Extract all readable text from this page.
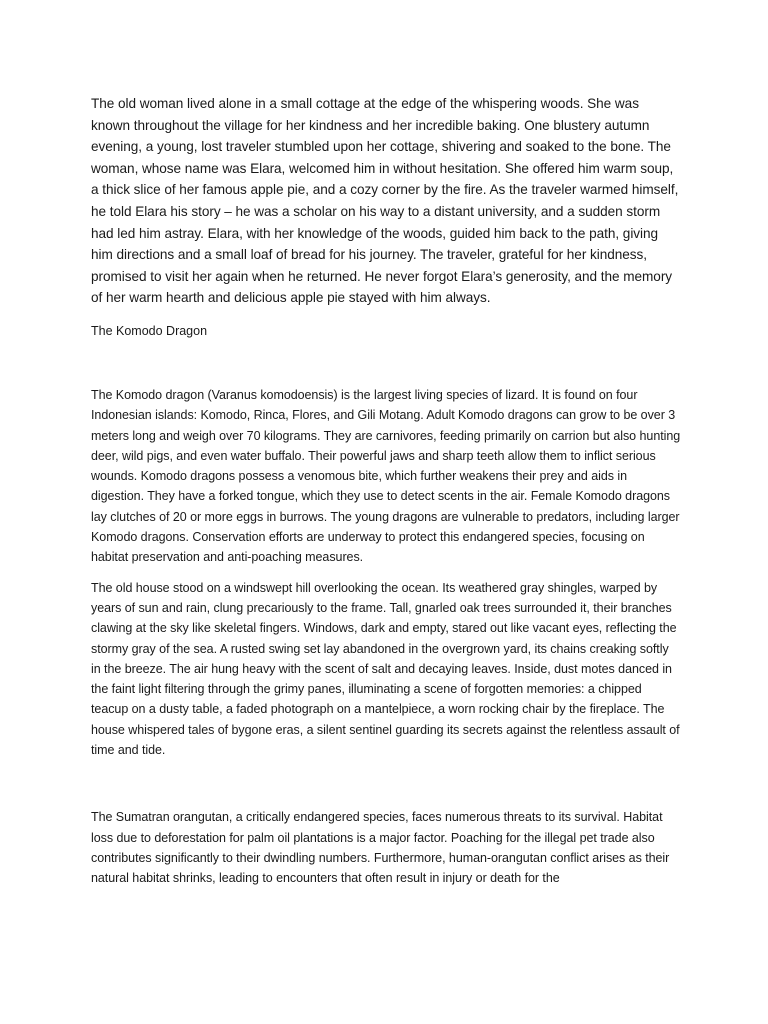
The old woman lived alone in a small cottage at the edge of the whispering woods. She was known throughout the village for her kindness and her incredible baking. One blustery autumn evening, a young, lost traveler stumbled upon her cottage, shivering and soaked to the bone. The woman, whose name was Elara, welcomed him in without hesitation. She offered him warm soup, a thick slice of her famous apple pie, and a cozy corner by the fire. As the traveler warmed himself, he told Elara his story – he was a scholar on his way to a distant university, and a sudden storm had led him astray. Elara, with her knowledge of the woods, guided him back to the path, giving him directions and a small loaf of bread for his journey. The traveler, grateful for her kindness, promised to visit her again when he returned. He never forgot Elara’s generosity, and the memory of her warm hearth and delicious apple pie stayed with him always.

The Komodo Dragon

The Komodo dragon (Varanus komodoensis) is the largest living species of lizard. It is found on four Indonesian islands: Komodo, Rinca, Flores, and Gili Motang. Adult Komodo dragons can grow to be over 3 meters long and weigh over 70 kilograms. They are carnivores, feeding primarily on carrion but also hunting deer, wild pigs, and even water buffalo. Their powerful jaws and sharp teeth allow them to inflict serious wounds. Komodo dragons possess a venomous bite, which further weakens their prey and aids in digestion. They have a forked tongue, which they use to detect scents in the air. Female Komodo dragons lay clutches of 20 or more eggs in burrows. The young dragons are vulnerable to predators, including larger Komodo dragons. Conservation efforts are underway to protect this endangered species, focusing on habitat preservation and anti-poaching measures.

The old house stood on a windswept hill overlooking the ocean. Its weathered gray shingles, warped by years of sun and rain, clung precariously to the frame. Tall, gnarled oak trees surrounded it, their branches clawing at the sky like skeletal fingers. Windows, dark and empty, stared out like vacant eyes, reflecting the stormy gray of the sea. A rusted swing set lay abandoned in the overgrown yard, its chains creaking softly in the breeze. The air hung heavy with the scent of salt and decaying leaves. Inside, dust motes danced in the faint light filtering through the grimy panes, illuminating a scene of forgotten memories: a chipped teacup on a dusty table, a faded photograph on a mantelpiece, a worn rocking chair by the fireplace. The house whispered tales of bygone eras, a silent sentinel guarding its secrets against the relentless assault of time and tide.

The Sumatran orangutan, a critically endangered species, faces numerous threats to its survival. Habitat loss due to deforestation for palm oil plantations is a major factor. Poaching for the illegal pet trade also contributes significantly to their dwindling numbers. Furthermore, human-orangutan conflict arises as their natural habitat shrinks, leading to encounters that often result in injury or death for the
